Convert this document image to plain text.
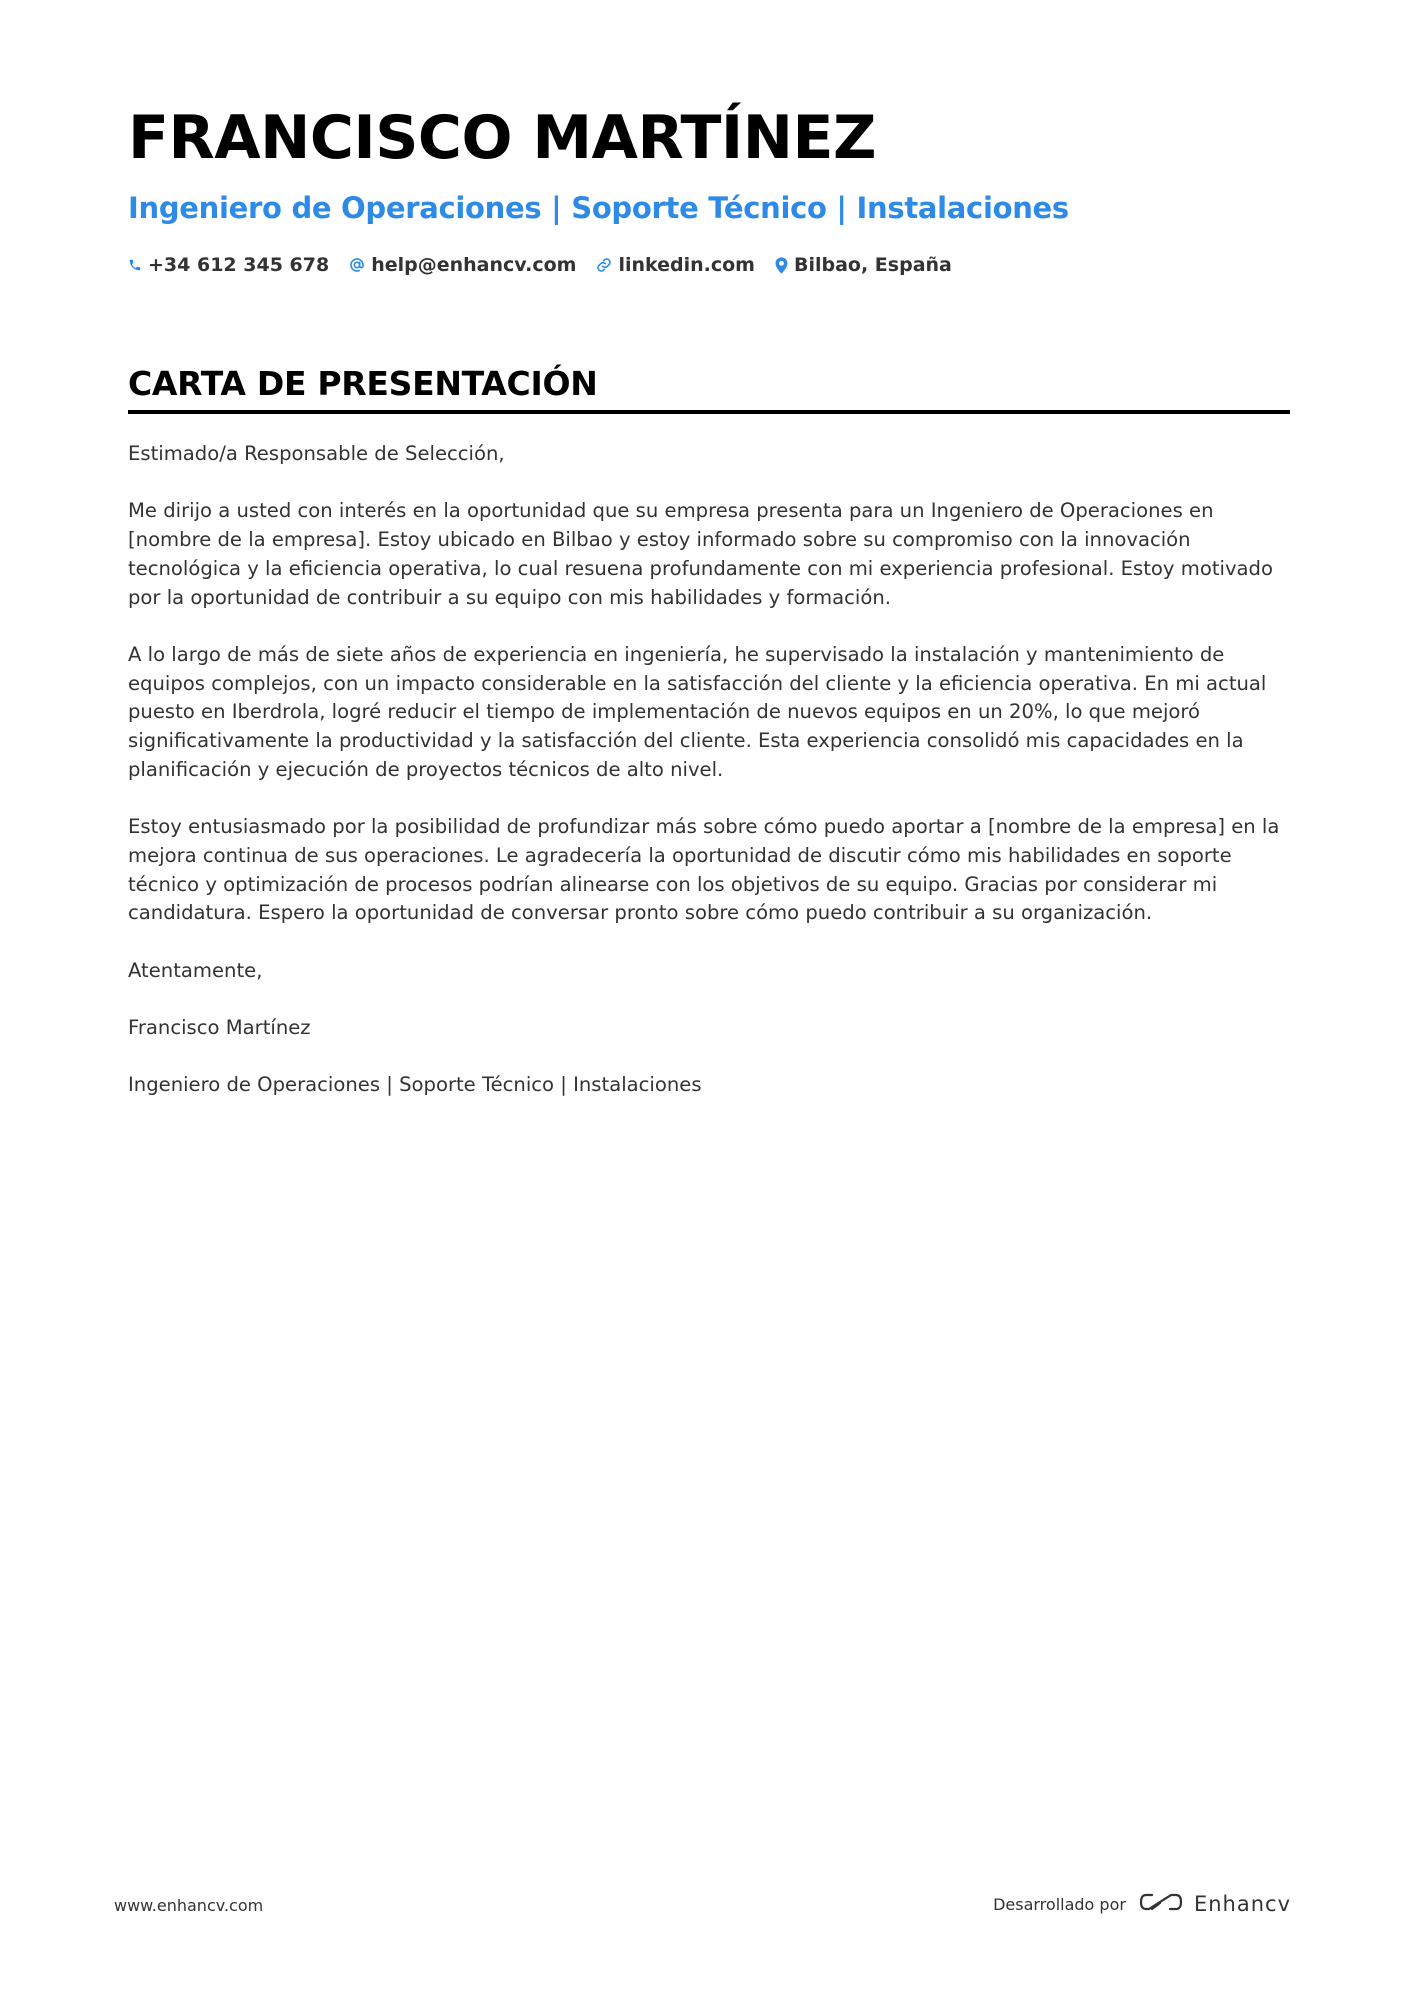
FRANCISCO MARTÍNEZ
Ingeniero de Operaciones | Soporte Técnico | Instalaciones
+34 612 345 678 help@enhancv.com linkedin.com Bilbao, España
CARTA DE PRESENTACIÓN

Estimado/a Responsable de Selección,

Me dirijo a usted con interés en la oportunidad que su empresa presenta para un Ingeniero de Operaciones en [nombre de la empresa]. Estoy ubicado en Bilbao y estoy informado sobre su compromiso con la innovación tecnológica y la eficiencia operativa, lo cual resuena profundamente con mi experiencia profesional. Estoy motivado por la oportunidad de contribuir a su equipo con mis habilidades y formación.

A lo largo de más de siete años de experiencia en ingeniería, he supervisado la instalación y mantenimiento de equipos complejos, con un impacto considerable en la satisfacción del cliente y la eficiencia operativa. En mi actual puesto en Iberdrola, logré reducir el tiempo de implementación de nuevos equipos en un 20%, lo que mejoró significativamente la productividad y la satisfacción del cliente. Esta experiencia consolidó mis capacidades en la planificación y ejecución de proyectos técnicos de alto nivel.

Estoy entusiasmado por la posibilidad de profundizar más sobre cómo puedo aportar a [nombre de la empresa] en la mejora continua de sus operaciones. Le agradecería la oportunidad de discutir cómo mis habilidades en soporte técnico y optimización de procesos podrían alinearse con los objetivos de su equipo. Gracias por considerar mi candidatura. Espero la oportunidad de conversar pronto sobre cómo puedo contribuir a su organización.

Atentamente,

Francisco Martínez

Ingeniero de Operaciones | Soporte Técnico | Instalaciones

www.enhancv.com	Desarrollado por	Enhancv
